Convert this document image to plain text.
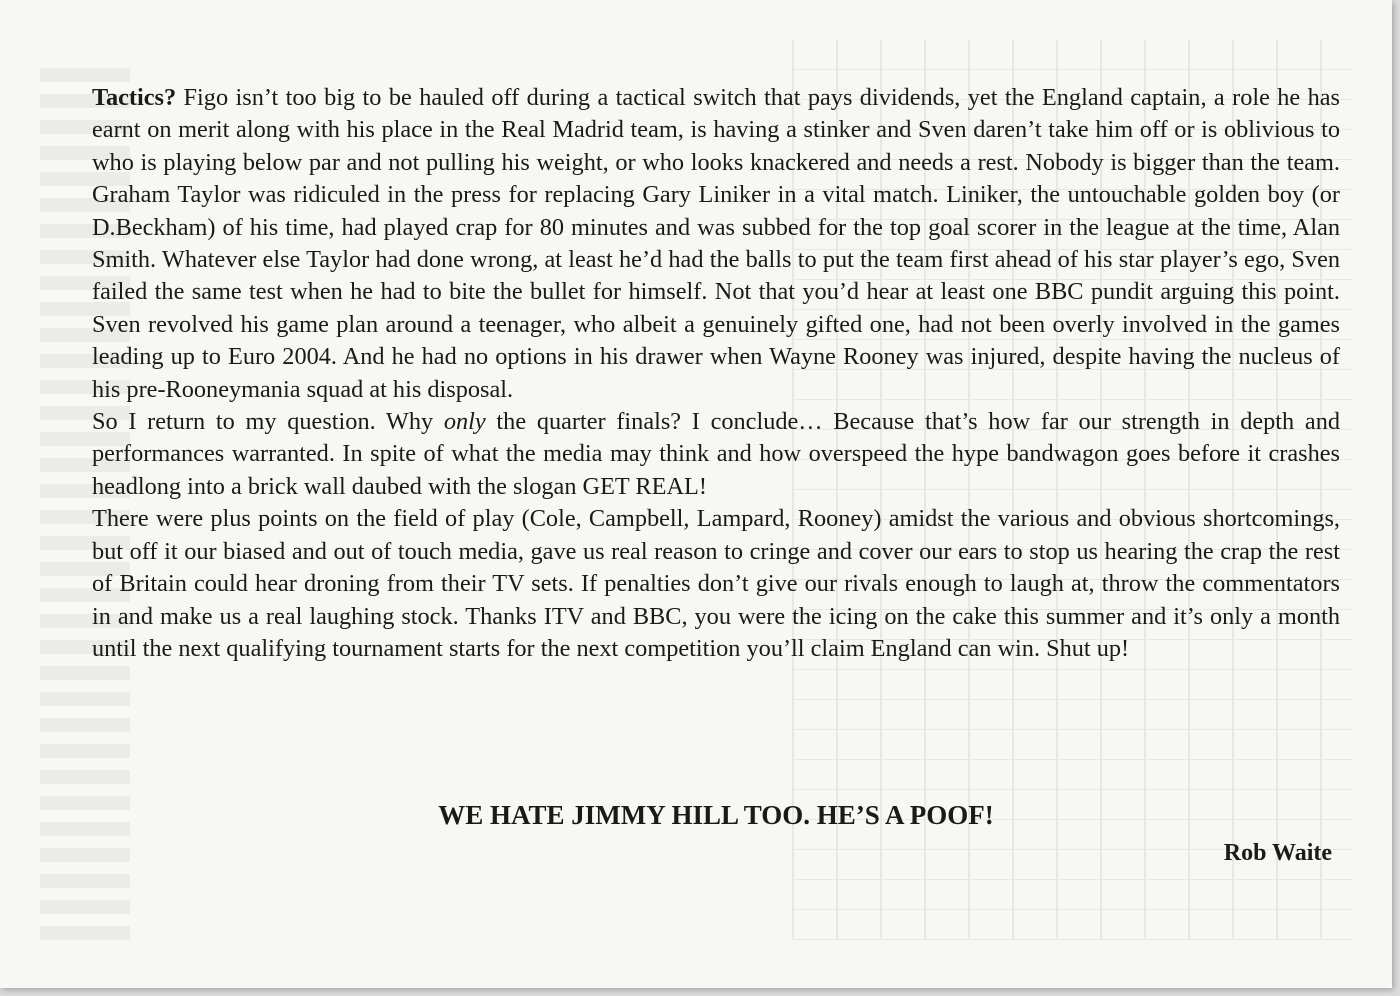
Tactics? Figo isn’t too big to be hauled off during a tactical switch that pays dividends, yet the England captain, a role he has earnt on merit along with his place in the Real Madrid team, is having a stinker and Sven daren’t take him off or is oblivious to who is playing below par and not pulling his weight, or who looks knackered and needs a rest. Nobody is bigger than the team. Graham Taylor was ridiculed in the press for replacing Gary Liniker in a vital match. Liniker, the untouchable golden boy (or D.Beckham) of his time, had played crap for 80 minutes and was subbed for the top goal scorer in the league at the time, Alan Smith. Whatever else Taylor had done wrong, at least he’d had the balls to put the team first ahead of his star player’s ego, Sven failed the same test when he had to bite the bullet for himself. Not that you’d hear at least one BBC pundit arguing this point. Sven revolved his game plan around a teenager, who albeit a genuinely gifted one, had not been overly involved in the games leading up to Euro 2004. And he had no options in his drawer when Wayne Rooney was injured, despite having the nucleus of his pre-Rooneymania squad at his disposal.

So I return to my question. Why only the quarter finals? I conclude… Because that’s how far our strength in depth and performances warranted. In spite of what the media may think and how overspeed the hype bandwagon goes before it crashes headlong into a brick wall daubed with the slogan GET REAL!

There were plus points on the field of play (Cole, Campbell, Lampard, Rooney) amidst the various and obvious shortcomings, but off it our biased and out of touch media, gave us real reason to cringe and cover our ears to stop us hearing the crap the rest of Britain could hear droning from their TV sets. If penalties don’t give our rivals enough to laugh at, throw the commentators in and make us a real laughing stock. Thanks ITV and BBC, you were the icing on the cake this summer and it’s only a month until the next qualifying tournament starts for the next competition you’ll claim England can win. Shut up!

WE HATE JIMMY HILL TOO. HE’S A POOF!
Rob Waite
